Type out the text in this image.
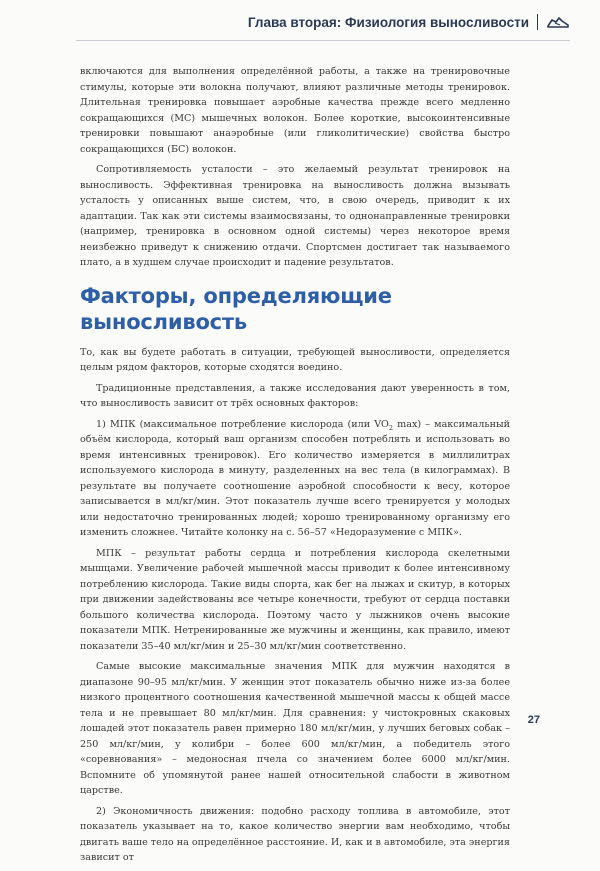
Глава вторая: Физиология выносливости

включаются для выполнения определённой работы, а также на тренировочные стимулы, которые эти волокна получают, влияют различные методы тренировок. Длительная тренировка повышает аэробные качества прежде всего медленно сокращающихся (МС) мышечных волокон. Более короткие, высокоинтенсивные тренировки повышают анаэробные (или гликолитические) свойства быстро сокращающихся (БС) волокон.

Сопротивляемость усталости – это желаемый результат тренировок на выносливость. Эффективная тренировка на выносливость должна вызывать усталость у описанных выше систем, что, в свою очередь, приводит к их адаптации. Так как эти системы взаимосвязаны, то однонаправленные тренировки (например, тренировка в основном одной системы) через некоторое время неизбежно приведут к снижению отдачи. Спортсмен достигает так называемого плато, а в худшем случае происходит и падение результатов.

Факторы, определяющие выносливость

То, как вы будете работать в ситуации, требующей выносливости, определяется целым рядом факторов, которые сходятся воедино.

Традиционные представления, а также исследования дают уверенность в том, что выносливость зависит от трёх основных факторов:

1) МПК (максимальное потребление кислорода (или $VO_2$ max) – максимальный объём кислорода, который ваш организм способен потреблять и использовать во время интенсивных тренировок). Его количество измеряется в миллилитрах используемого кислорода в минуту, разделенных на вес тела (в килограммах). В результате вы получаете соотношение аэробной способности к весу, которое записывается в мл/кг/мин. Этот показатель лучше всего тренируется у молодых или недостаточно тренированных людей; хорошо тренированному организму его изменить сложнее. Читайте колонку на с. 56–57 «Недоразумение с МПК».

МПК – результат работы сердца и потребления кислорода скелетными мышцами. Увеличение рабочей мышечной массы приводит к более интенсивному потреблению кислорода. Такие виды спорта, как бег на лыжах и скитур, в которых при движении задействованы все четыре конечности, требуют от сердца поставки большого количества кислорода. Поэтому часто у лыжников очень высокие показатели МПК. Нетренированные же мужчины и женщины, как правило, имеют показатели 35–40 мл/кг/мин и 25–30 мл/кг/мин соответственно.

Самые высокие максимальные значения МПК для мужчин находятся в диапазоне 90–95 мл/кг/мин. У женщин этот показатель обычно ниже из-за более низкого процентного соотношения качественной мышечной массы к общей массе тела и не превышает 80 мл/кг/мин. Для сравнения: у чистокровных скаковых лошадей этот показатель равен примерно 180 мл/кг/мин, у лучших беговых собак – 250 мл/кг/мин, у колибри – более 600 мл/кг/мин, а победитель этого «соревнования» – медоносная пчела со значением более 6000 мл/кг/мин. Вспомните об упомянутой ранее нашей относительной слабости в животном царстве.

2) Экономичность движения: подобно расходу топлива в автомобиле, этот показатель указывает на то, какое количество энергии вам необходимо, чтобы двигать ваше тело на определённое расстояние. И, как и в автомобиле, эта энергия зависит от

27
